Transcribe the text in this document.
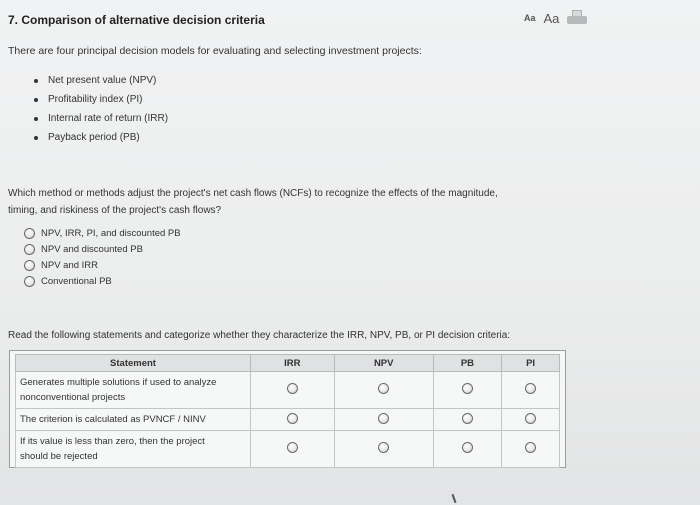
7. Comparison of alternative decision criteria	Aa Aa
There are four principal decision models for evaluating and selecting investment projects:
Net present value (NPV)
Profitability index (PI)
Internal rate of return (IRR)
Payback period (PB)
Which method or methods adjust the project's net cash flows (NCFs) to recognize the effects of the magnitude,
timing, and riskiness of the project's cash flows?
NPV, IRR, PI, and discounted PB
NPV and discounted PB
NPV and IRR
Conventional PB
Read the following statements and categorize whether they characterize the IRR, NPV, PB, or PI decision criteria:
Statement	IRR	NPV	PB	PI

Generates multiple solutions if used to analyze
nonconventional projects				

The criterion is calculated as PVNCF / NINV				

If its value is less than zero, then the project
should be rejected				
